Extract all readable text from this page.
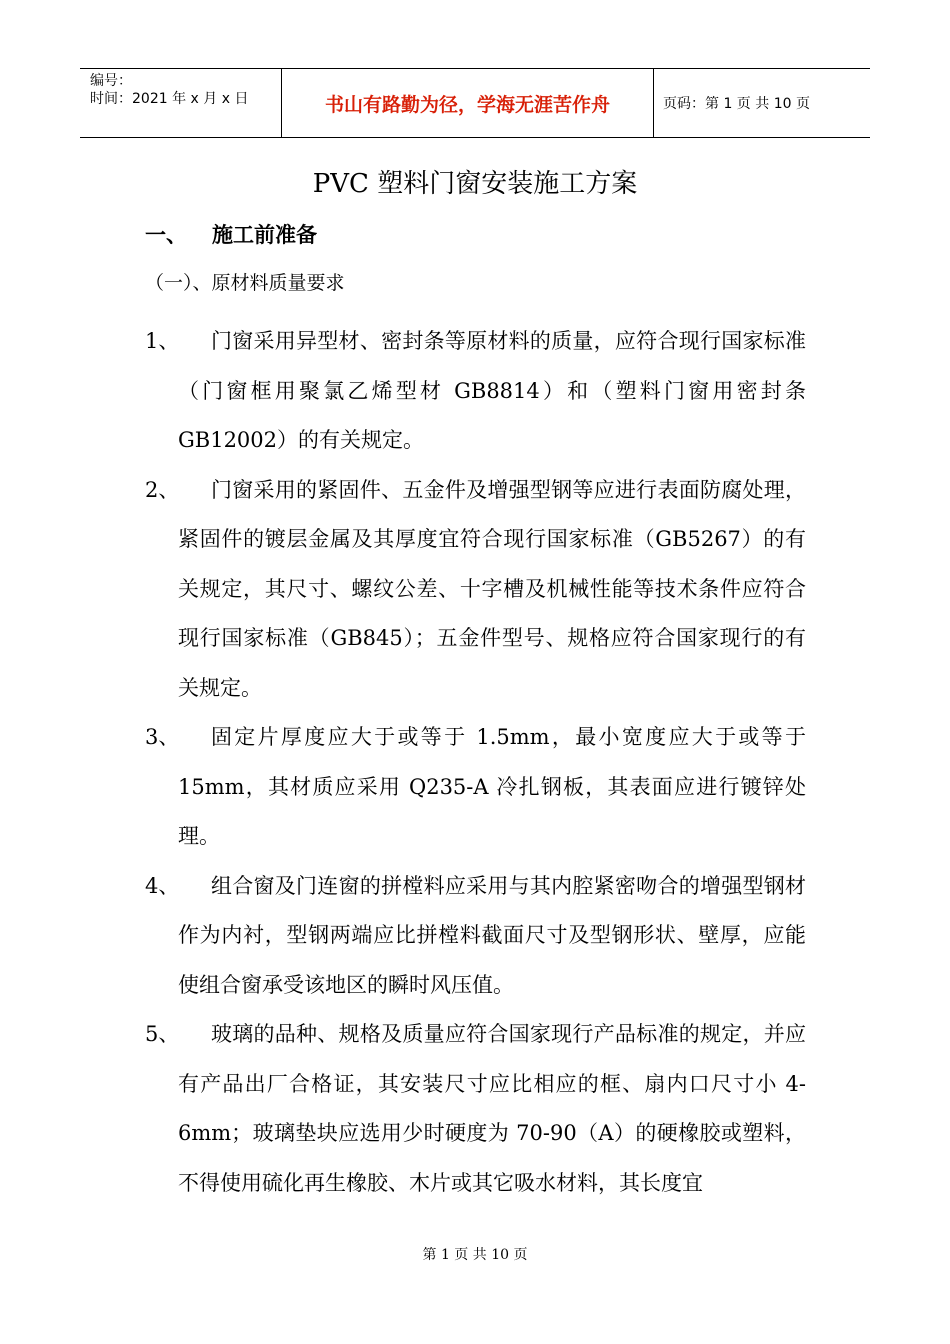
编号：
时间：2021 年 x 月 x 日	书山有路勤为径，学海无涯苦作舟	页码：第 1 页 共 10 页
PVC 塑料门窗安装施工方案
一、	施工前准备
（一）、原材料质量要求
1、	门窗采用异型材、密封条等原材料的质量，应符合现行国家标准（门窗框用聚氯乙烯型材 GB8814）和（塑料门窗用密封条 GB12002）的有关规定。
2、	门窗采用的紧固件、五金件及增强型钢等应进行表面防腐处理，紧固件的镀层金属及其厚度宜符合现行国家标准（GB5267）的有关规定，其尺寸、螺纹公差、十字槽及机械性能等技术条件应符合现行国家标准（GB845）；五金件型号、规格应符合国家现行的有关规定。
3、	固定片厚度应大于或等于 1.5mm，最小宽度应大于或等于 15mm，其材质应采用 Q235-A 冷扎钢板，其表面应进行镀锌处理。
4、	组合窗及门连窗的拼樘料应采用与其内腔紧密吻合的增强型钢材作为内衬，型钢两端应比拼樘料截面尺寸及型钢形状、壁厚，应能使组合窗承受该地区的瞬时风压值。
5、	玻璃的品种、规格及质量应符合国家现行产品标准的规定，并应有产品出厂合格证，其安装尺寸应比相应的框、扇内口尺寸小 4-6mm；玻璃垫块应选用少时硬度为 70-90（A）的硬橡胶或塑料，不得使用硫化再生橡胶、木片或其它吸水材料，其长度宜
第 1 页 共 10 页
